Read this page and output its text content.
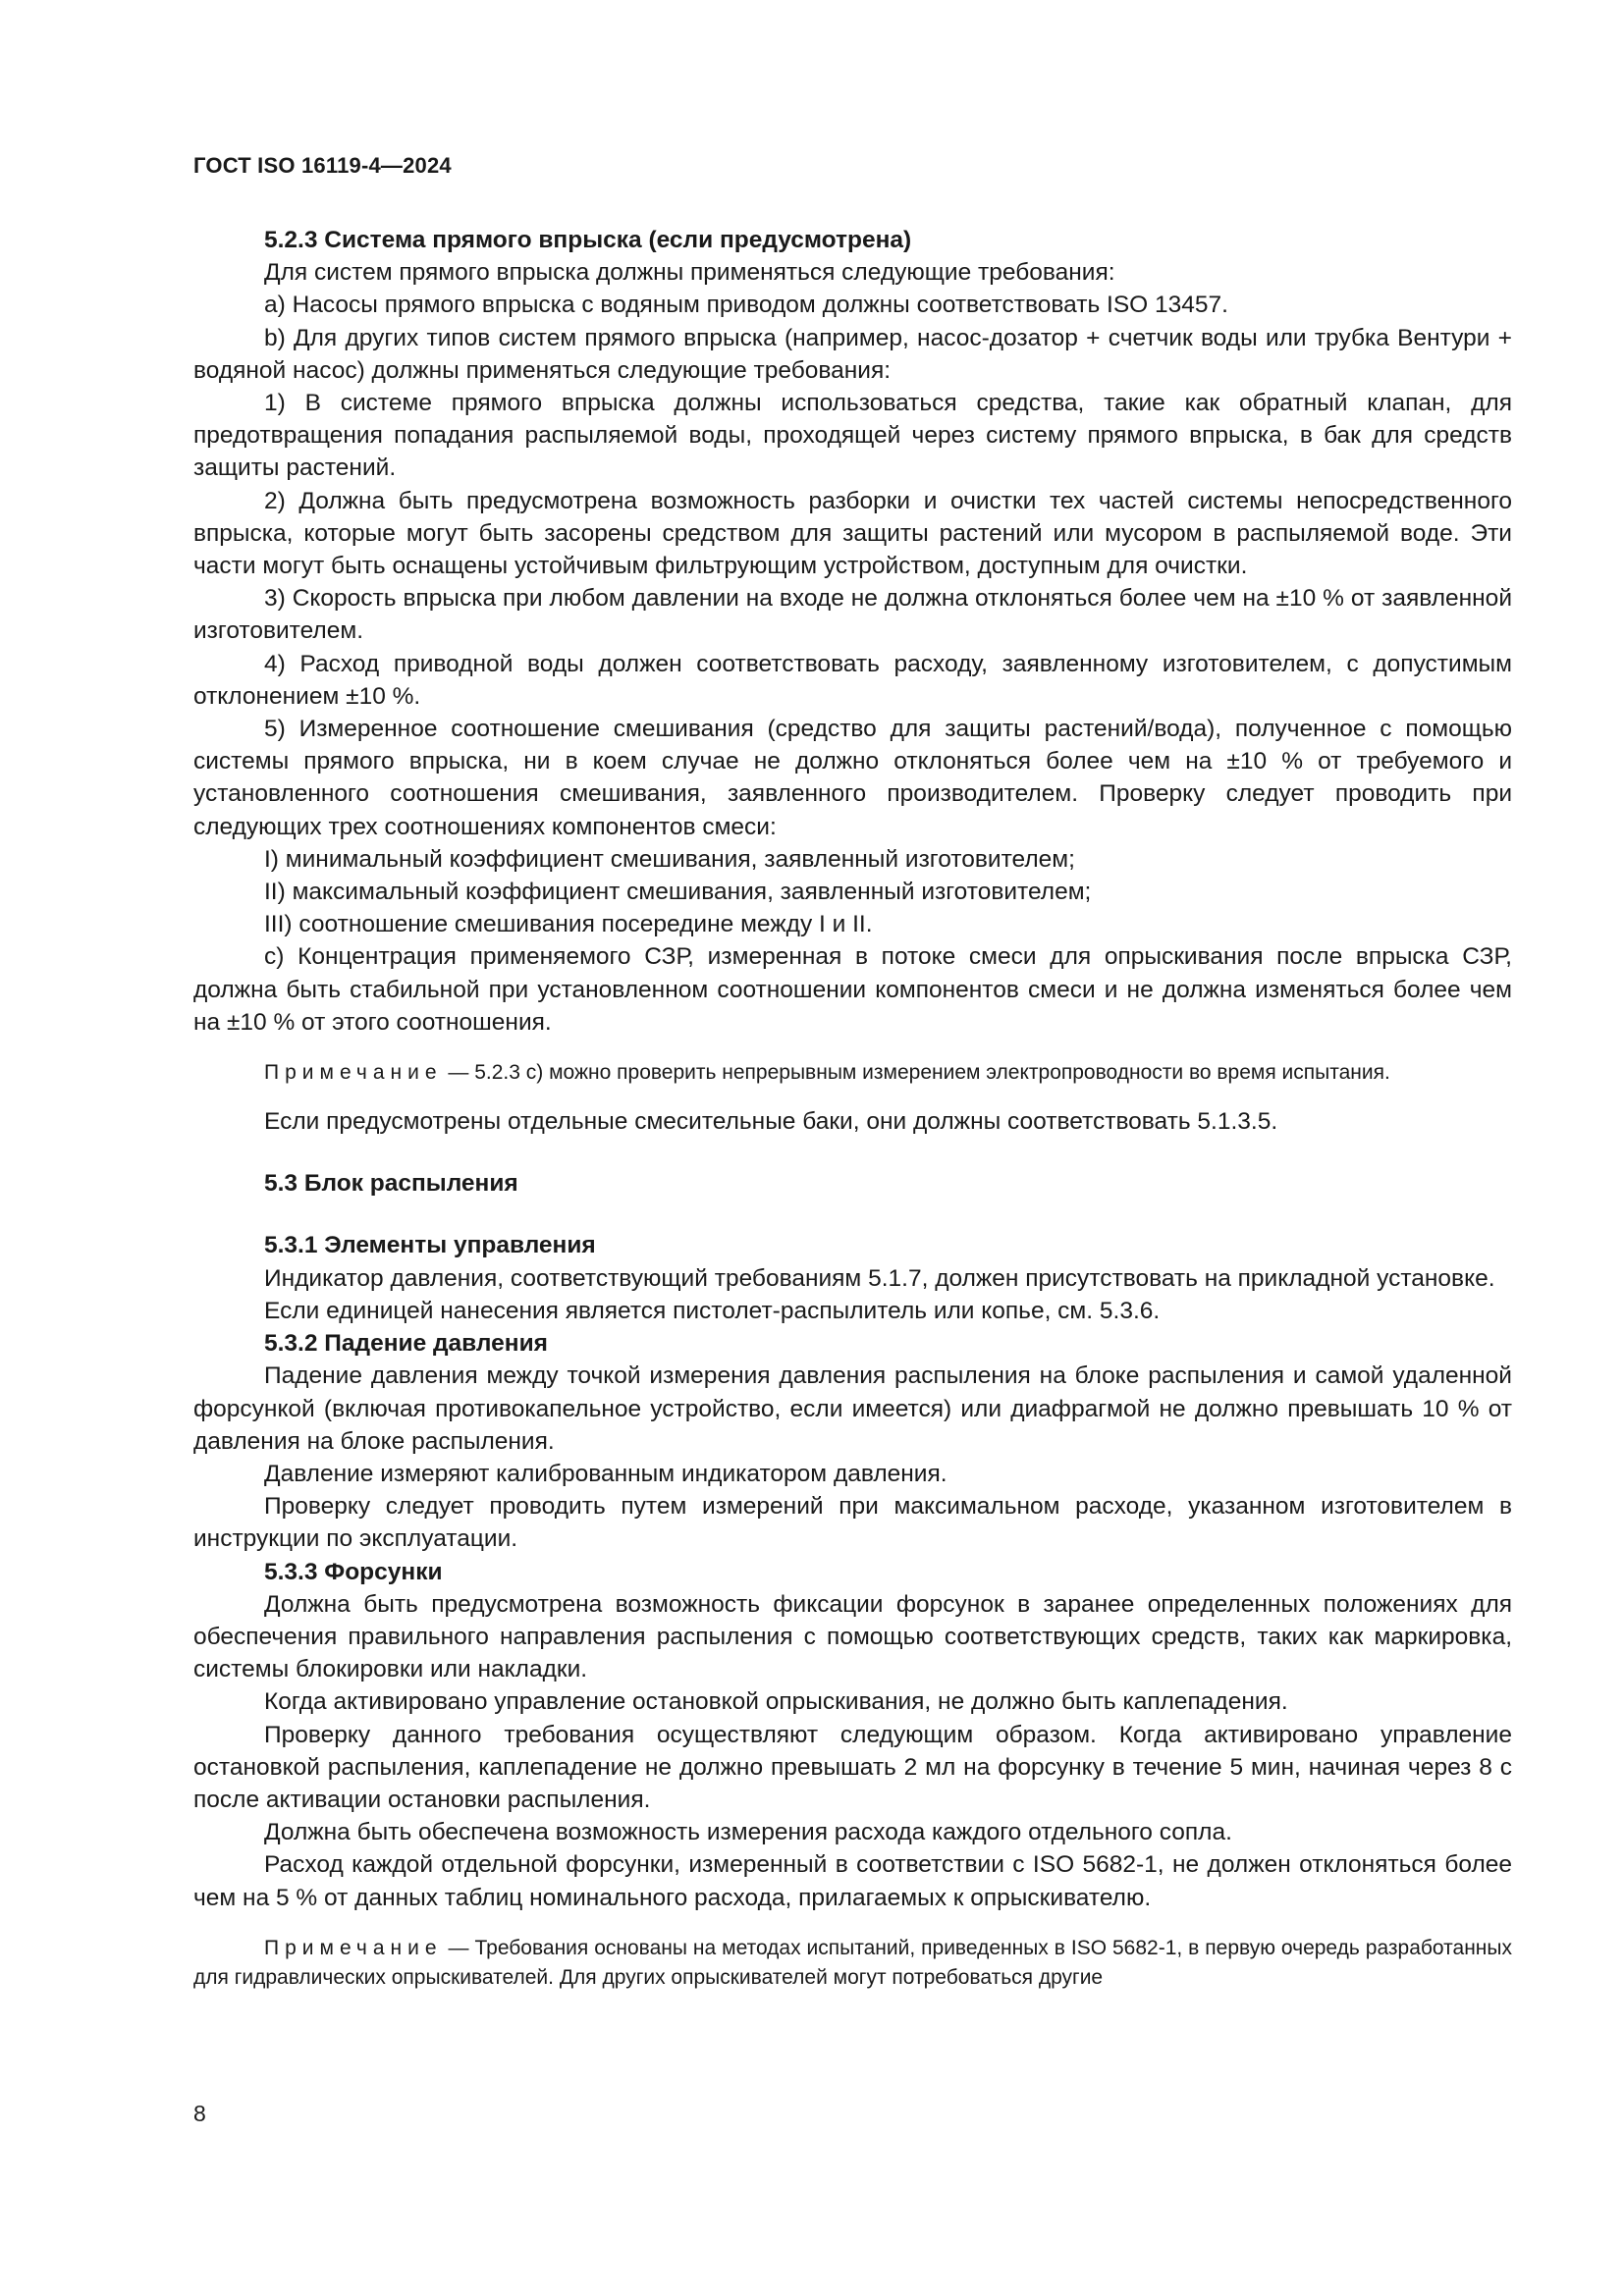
ГОСТ ISO 16119-4—2024

5.2.3 Система прямого впрыска (если предусмотрена)

Для систем прямого впрыска должны применяться следующие требования:

a) Насосы прямого впрыска с водяным приводом должны соответствовать ISO 13457.

b) Для других типов систем прямого впрыска (например, насос-дозатор + счетчик воды или трубка Вентури + водяной насос) должны применяться следующие требования:

1) В системе прямого впрыска должны использоваться средства, такие как обратный клапан, для предотвращения попадания распыляемой воды, проходящей через систему прямого впрыска, в бак для средств защиты растений.

2) Должна быть предусмотрена возможность разборки и очистки тех частей системы непосредственного впрыска, которые могут быть засорены средством для защиты растений или мусором в распыляемой воде. Эти части могут быть оснащены устойчивым фильтрующим устройством, доступным для очистки.

3) Скорость впрыска при любом давлении на входе не должна отклоняться более чем на ±10 % от заявленной изготовителем.

4) Расход приводной воды должен соответствовать расходу, заявленному изготовителем, с допустимым отклонением ±10 %.

5) Измеренное соотношение смешивания (средство для защиты растений/вода), полученное с помощью системы прямого впрыска, ни в коем случае не должно отклоняться более чем на ±10 % от требуемого и установленного соотношения смешивания, заявленного производителем. Проверку следует проводить при следующих трех соотношениях компонентов смеси:

I) минимальный коэффициент смешивания, заявленный изготовителем;

II) максимальный коэффициент смешивания, заявленный изготовителем;

III) соотношение смешивания посередине между I и II.

c) Концентрация применяемого СЗР, измеренная в потоке смеси для опрыскивания после впрыска СЗР, должна быть стабильной при установленном соотношении компонентов смеси и не должна изменяться более чем на ±10 % от этого соотношения.

Примечание — 5.2.3 c) можно проверить непрерывным измерением электропроводности во время испытания.

Если предусмотрены отдельные смесительные баки, они должны соответствовать 5.1.3.5.

5.3 Блок распыления

5.3.1 Элементы управления

Индикатор давления, соответствующий требованиям 5.1.7, должен присутствовать на прикладной установке.

Если единицей нанесения является пистолет-распылитель или копье, см. 5.3.6.

5.3.2 Падение давления

Падение давления между точкой измерения давления распыления на блоке распыления и самой удаленной форсункой (включая противокапельное устройство, если имеется) или диафрагмой не должно превышать 10 % от давления на блоке распыления.

Давление измеряют калиброванным индикатором давления.

Проверку следует проводить путем измерений при максимальном расходе, указанном изготовителем в инструкции по эксплуатации.

5.3.3 Форсунки

Должна быть предусмотрена возможность фиксации форсунок в заранее определенных положениях для обеспечения правильного направления распыления с помощью соответствующих средств, таких как маркировка, системы блокировки или накладки.

Когда активировано управление остановкой опрыскивания, не должно быть каплепадения.

Проверку данного требования осуществляют следующим образом. Когда активировано управление остановкой распыления, каплепадение не должно превышать 2 мл на форсунку в течение 5 мин, начиная через 8 с после активации остановки распыления.

Должна быть обеспечена возможность измерения расхода каждого отдельного сопла.

Расход каждой отдельной форсунки, измеренный в соответствии с ISO 5682-1, не должен отклоняться более чем на 5 % от данных таблиц номинального расхода, прилагаемых к опрыскивателю.

Примечание — Требования основаны на методах испытаний, приведенных в ISO 5682-1, в первую очередь разработанных для гидравлических опрыскивателей. Для других опрыскивателей могут потребоваться другие

8
